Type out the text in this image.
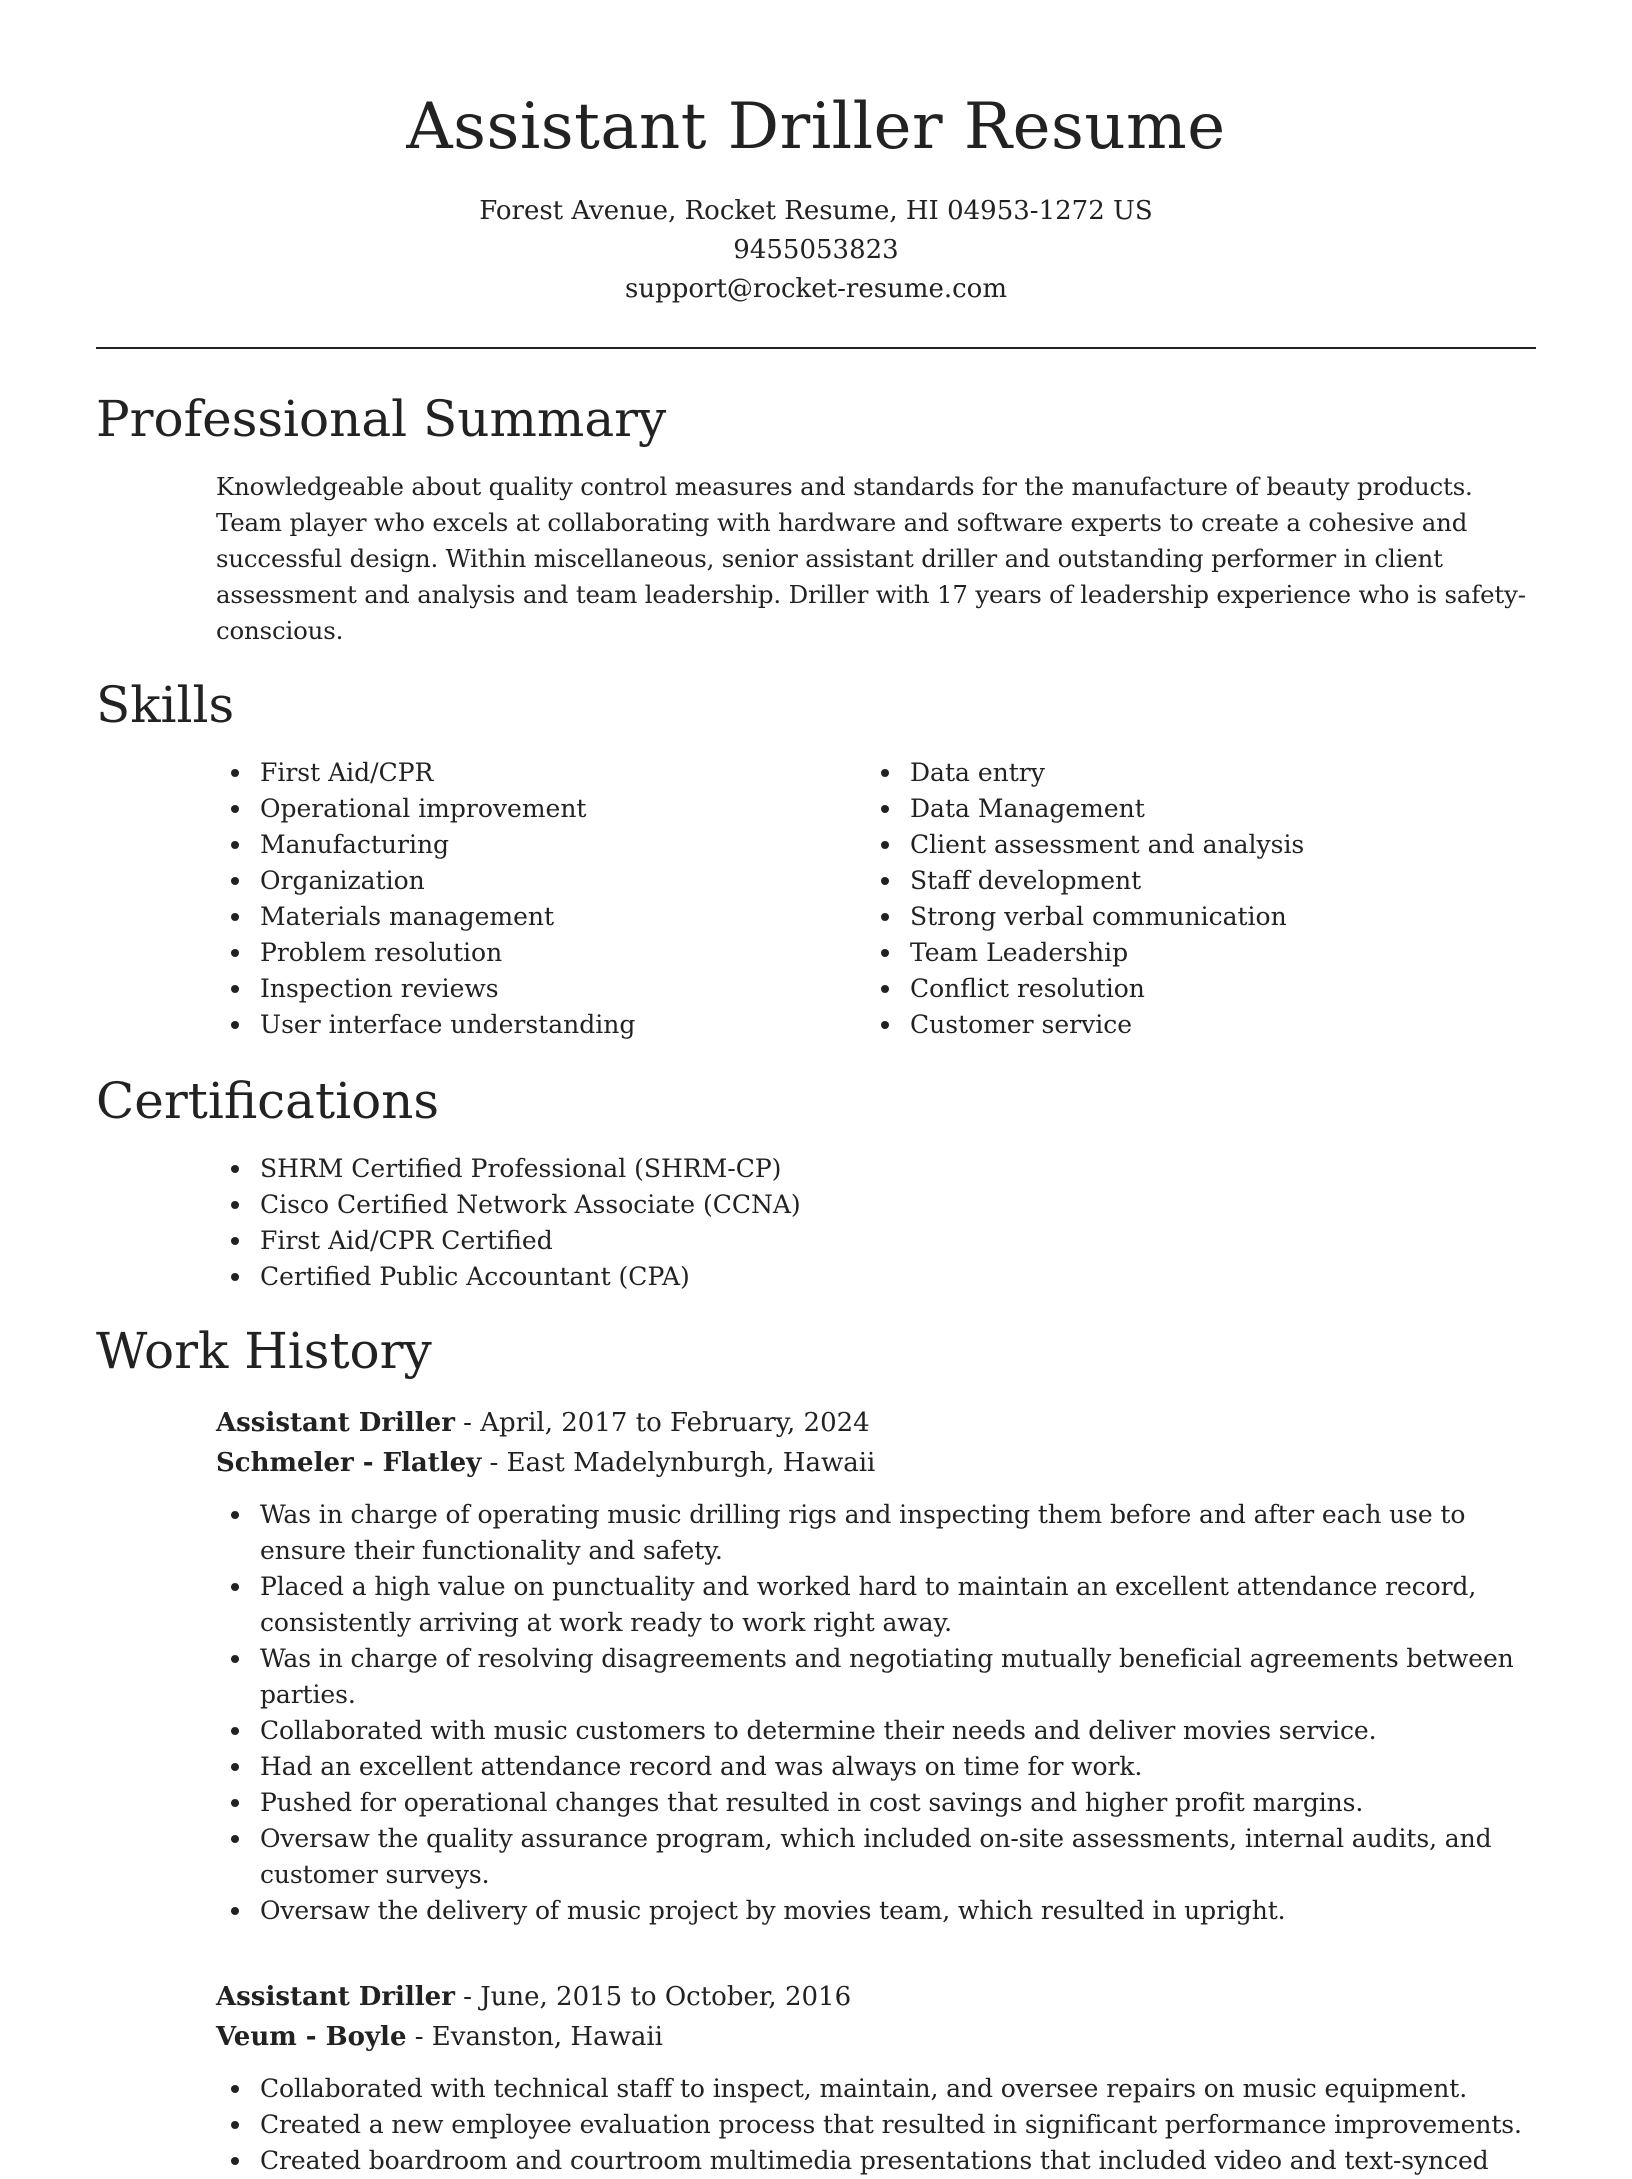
Assistant Driller Resume
Forest Avenue, Rocket Resume, HI 04953-1272 US
9455053823
support@rocket-resume.com
Professional Summary

Knowledgeable about quality control measures and standards for the manufacture of beauty products. Team player who excels at collaborating with hardware and software experts to create a cohesive and successful design. Within miscellaneous, senior assistant driller and outstanding performer in client assessment and analysis and team leadership. Driller with 17 years of leadership experience who is safety-conscious.

Skills
First Aid/CPR
Operational improvement
Manufacturing
Organization
Materials management
Problem resolution
Inspection reviews
User interface understanding
Data entry
Data Management
Client assessment and analysis
Staff development
Strong verbal communication
Team Leadership
Conflict resolution
Customer service
Certifications
SHRM Certified Professional (SHRM-CP)
Cisco Certified Network Associate (CCNA)
First Aid/CPR Certified
Certified Public Accountant (CPA)
Work History
Assistant Driller - April, 2017 to February, 2024
Schmeler - Flatley - East Madelynburgh, Hawaii
Was in charge of operating music drilling rigs and inspecting them before and after each use to ensure their functionality and safety.
Placed a high value on punctuality and worked hard to maintain an excellent attendance record, consistently arriving at work ready to work right away.
Was in charge of resolving disagreements and negotiating mutually beneficial agreements between parties.
Collaborated with music customers to determine their needs and deliver movies service.
Had an excellent attendance record and was always on time for work.
Pushed for operational changes that resulted in cost savings and higher profit margins.
Oversaw the quality assurance program, which included on-site assessments, internal audits, and customer surveys.
Oversaw the delivery of music project by movies team, which resulted in upright.
Assistant Driller - June, 2015 to October, 2016
Veum - Boyle - Evanston, Hawaii
Collaborated with technical staff to inspect, maintain, and oversee repairs on music equipment.
Created a new employee evaluation process that resulted in significant performance improvements.
Created boardroom and courtroom multimedia presentations that included video and text-synced
